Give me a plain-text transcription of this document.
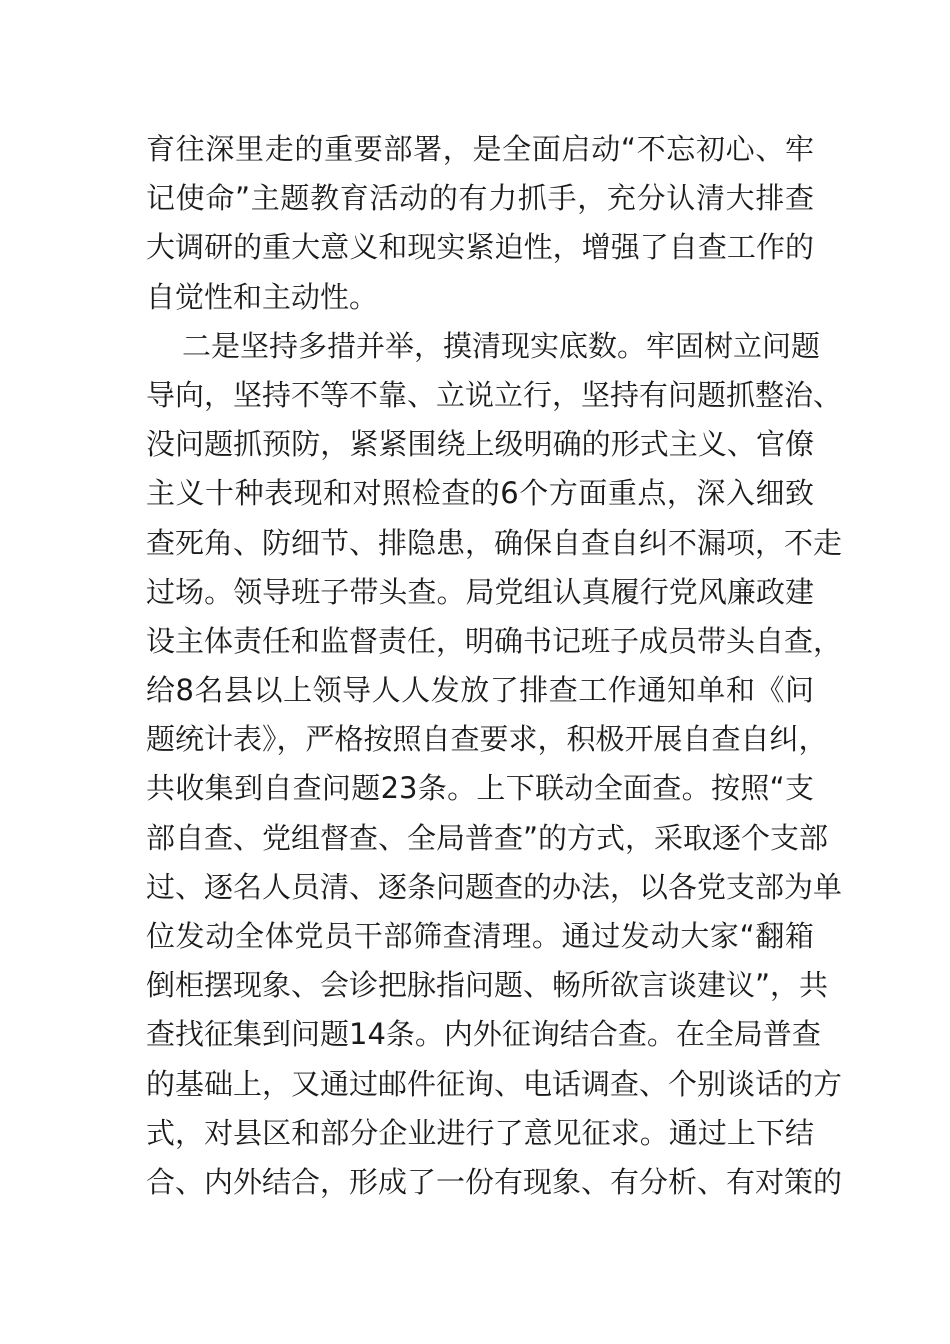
育往深里走的重要部署，是全面启动“不忘初心、牢
记使命”主题教育活动的有力抓手，充分认清大排查
大调研的重大意义和现实紧迫性，增强了自查工作的
自觉性和主动性。
二是坚持多措并举，摸清现实底数。牢固树立问题
导向，坚持不等不靠、立说立行，坚持有问题抓整治、
没问题抓预防，紧紧围绕上级明确的形式主义、官僚
主义十种表现和对照检查的6个方面重点，深入细致
查死角、防细节、排隐患，确保自查自纠不漏项，不走
过场。领导班子带头查。局党组认真履行党风廉政建
设主体责任和监督责任，明确书记班子成员带头自查，
给8名县以上领导人人发放了排查工作通知单和《问
题统计表》，严格按照自查要求，积极开展自查自纠，
共收集到自查问题23条。上下联动全面查。按照“支
部自查、党组督查、全局普查”的方式，采取逐个支部
过、逐名人员清、逐条问题查的办法，以各党支部为单
位发动全体党员干部筛查清理。通过发动大家“翻箱
倒柜摆现象、会诊把脉指问题、畅所欲言谈建议”，共
查找征集到问题14条。内外征询结合查。在全局普查
的基础上，又通过邮件征询、电话调查、个别谈话的方
式，对县区和部分企业进行了意见征求。通过上下结
合、内外结合，形成了一份有现象、有分析、有对策的
